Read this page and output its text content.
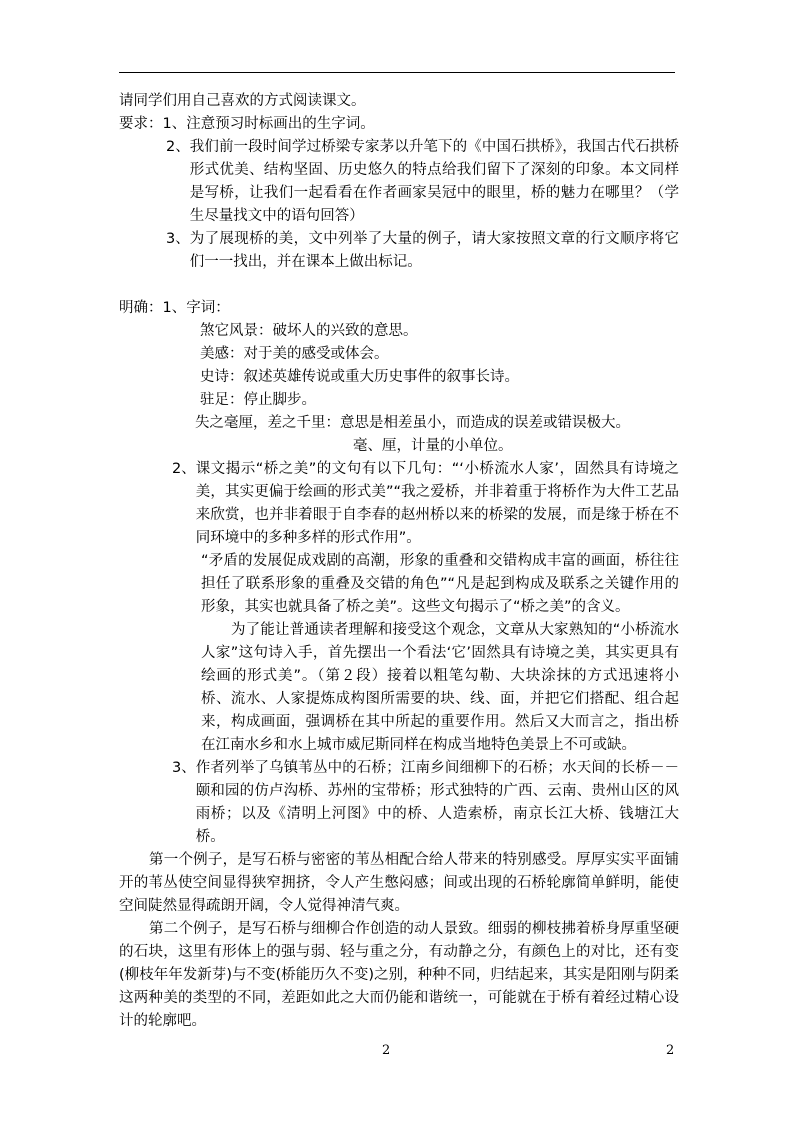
请同学们用自己喜欢的方式阅读课文。

要求： 1、 注意预习时标画出的生字词。
2、 我们前一段时间学过桥梁专家茅以升笔下的《中国石拱桥》，我国古代石拱桥形式优美、结构坚固、历史悠久的特点给我们留下了深刻的印象。本文同样是写桥，让我们一起看看在作者画家吴冠中的眼里，桥的魅力在哪里？（学生尽量找文中的语句回答）
3、 为了展现桥的美，文中列举了大量的例子，请大家按照文章的行文顺序将它们一一找出，并在课本上做出标记。
明确： 1、 字词：

煞它风景：破坏人的兴致的意思。

美感：对于美的感受或体会。

史诗：叙述英雄传说或重大历史事件的叙事长诗。

驻足：停止脚步。

失之毫厘，差之千里：意思是相差虽小，而造成的误差或错误极大。

毫、厘，计量的小单位。

2、 课文揭示“桥之美”的文句有以下几句：“‘小桥流水人家’，固然具有诗境之美，其实更偏于绘画的形式美”“我之爱桥，并非着重于将桥作为大件工艺品来欣赏，也并非着眼于自李春的赵州桥以来的桥梁的发展，而是缘于桥在不同环境中的多种多样的形式作用”。

“矛盾的发展促成戏剧的高潮，形象的重叠和交错构成丰富的画面，桥往往担任了联系形象的重叠及交错的角色”“凡是起到构成及联系之关键作用的形象，其实也就具备了桥之美”。这些文句揭示了“桥之美”的含义。

为了能让普通读者理解和接受这个观念，文章从大家熟知的“小桥流水人家”这句诗入手，首先摆出一个看法‘它’固然具有诗境之美，其实更具有绘画的形式美”。（第２段）接着以粗笔勾勒、大块涂抹的方式迅速将小桥、流水、人家提炼成构图所需要的块、线、面，并把它们搭配、组合起来，构成画面，强调桥在其中所起的重要作用。然后又大而言之，指出桥在江南水乡和水上城市威尼斯同样在构成当地特色美景上不可或缺。

3、 作者列举了乌镇苇丛中的石桥；江南乡间细柳下的石桥；水天间的长桥－－颐和园的仿卢沟桥、苏州的宝带桥；形式独特的广西、云南、贵州山区的风雨桥；以及《清明上河图》中的桥、人造索桥，南京长江大桥、钱塘江大桥。

第一个例子，是写石桥与密密的苇丛相配合给人带来的特别感受。厚厚实实平面铺开的苇丛使空间显得狭窄拥挤，令人产生憋闷感；间或出现的石桥轮廓简单鲜明，能使空间陡然显得疏朗开阔，令人觉得神清气爽。

第二个例子，是写石桥与细柳合作创造的动人景致。细弱的柳枝拂着桥身厚重坚硬的石块，这里有形体上的强与弱、轻与重之分，有动静之分，有颜色上的对比，还有变(柳枝年年发新芽)与不变(桥能历久不变)之别，种种不同，归结起来，其实是阳刚与阴柔这两种美的类型的不同，差距如此之大而仍能和谐统一，可能就在于桥有着经过精心设计的轮廓吧。

2	2
